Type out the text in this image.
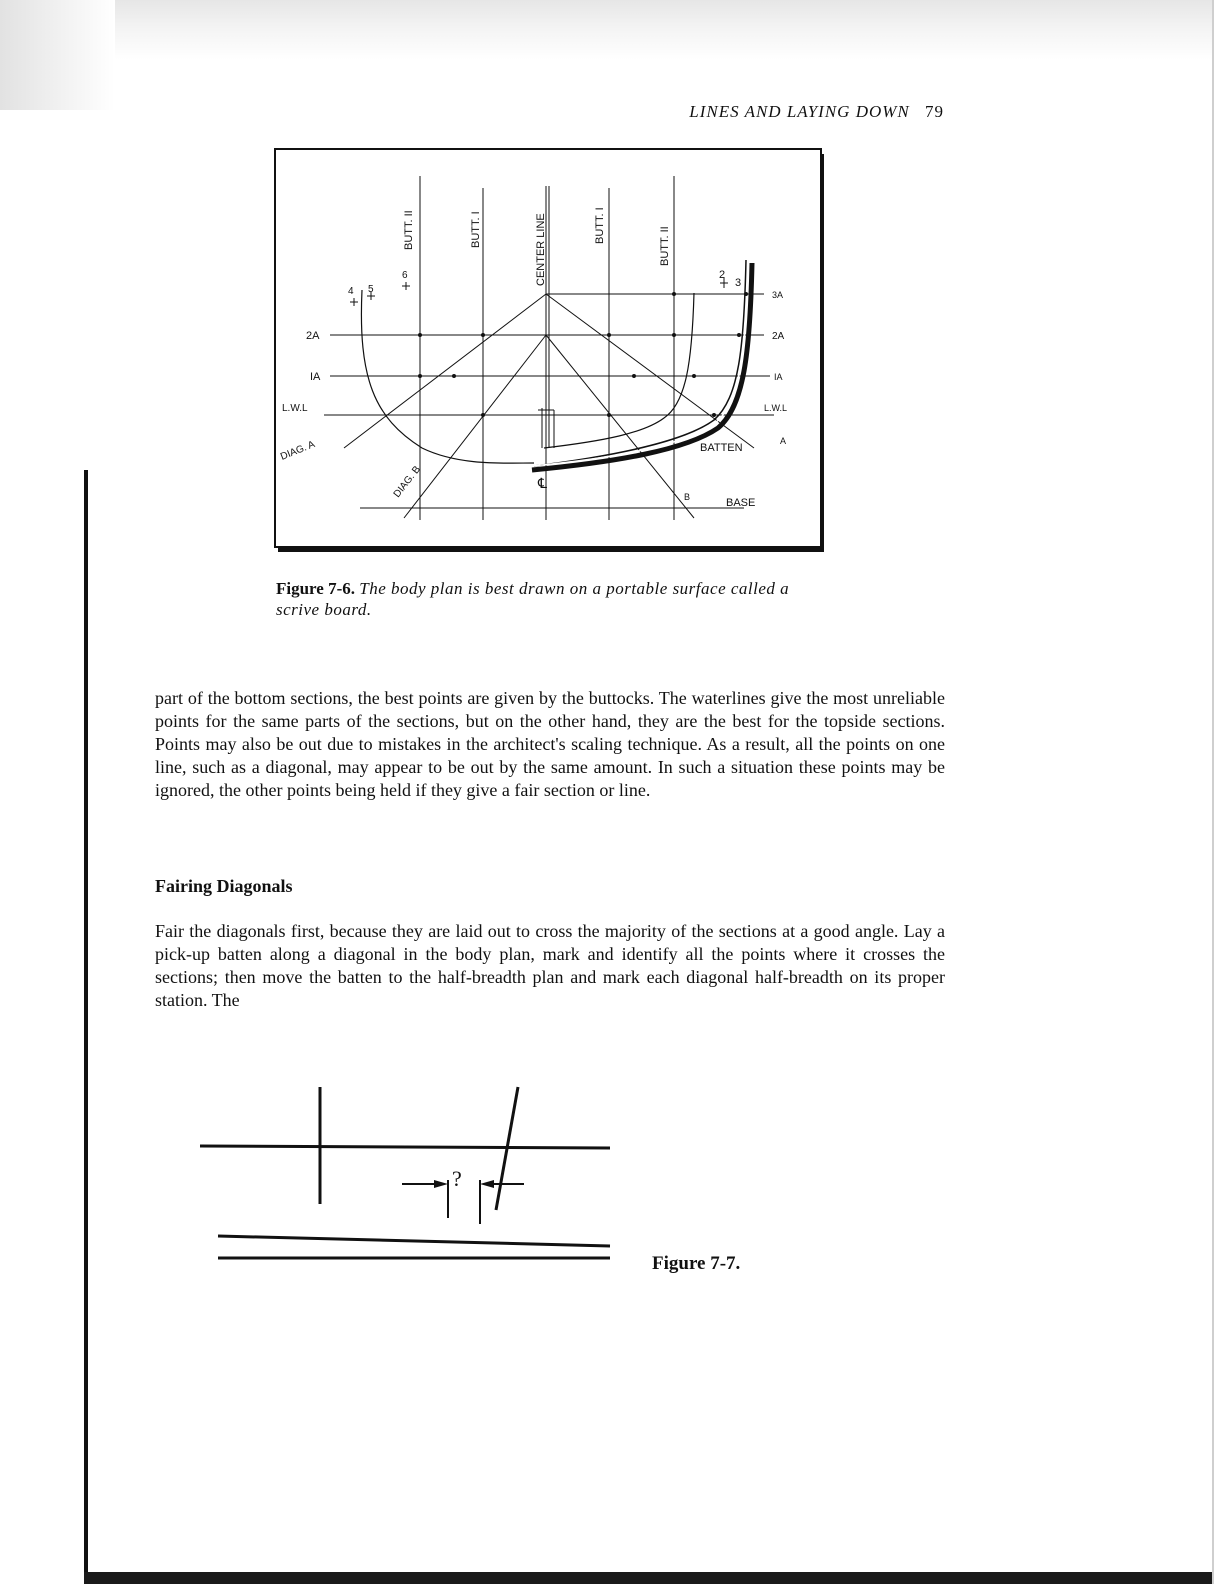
LINES AND LAYING DOWN 79
BUTT. II	BUTT. I	CENTER LINE	BUTT. I
BUTT. II
2A
IA
L.W.L
3A
2A
IA
L.W.L
4 5
6	2
3
DIAG. A
DIAG. B
A
B
BATTEN
BASE
℄
Figure 7-6. The body plan is best drawn on a portable surface called a scrive board.
part of the bottom sections, the best points are given by the buttocks. The waterlines give the most unreliable points for the same parts of the sections, but on the other hand, they are the best for the topside sections. Points may also be out due to mistakes in the architect's scaling technique. As a result, all the points on one line, such as a diagonal, may appear to be out by the same amount. In such a situation these points may be ignored, the other points being held if they give a fair section or line.
Fairing Diagonals
Fair the diagonals first, because they are laid out to cross the majority of the sections at a good angle. Lay a pick-up batten along a diagonal in the body plan, mark and identify all the points where it crosses the sections; then move the batten to the half-breadth plan and mark each diagonal half-breadth on its proper station. The
?
Figure 7-7.
